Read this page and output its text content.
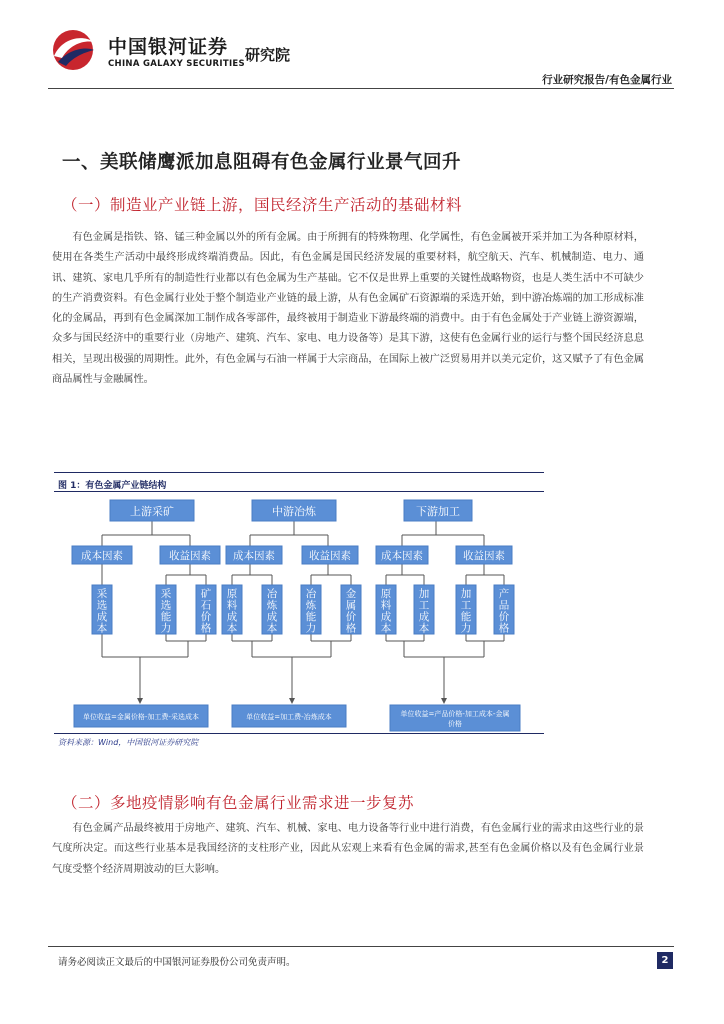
中国银河证券
CHINA GALAXY SECURITIES 研究院
行业研究报告/有色金属行业
一、美联储鹰派加息阻碍有色金属行业景气回升
（一）制造业产业链上游，国民经济生产活动的基础材料
有色金属是指铁、铬、锰三种金属以外的所有金属。由于所拥有的特殊物理、化学属性，有色金属被开采并加工为各种原材料，使用在各类生产活动中最终形成终端消费品。因此，有色金属是国民经济发展的重要材料，航空航天、汽车、机械制造、电力、通讯、建筑、家电几乎所有的制造性行业都以有色金属为生产基础。它不仅是世界上重要的关键性战略物资，也是人类生活中不可缺少的生产消费资料。有色金属行业处于整个制造业产业链的最上游，从有色金属矿石资源端的采选开始，到中游冶炼端的加工形成标准化的金属品，再到有色金属深加工制作成各零部件，最终被用于制造业下游最终端的消费中。由于有色金属处于产业链上游资源端，众多与国民经济中的重要行业（房地产、建筑、汽车、家电、电力设备等）是其下游，这使有色金属行业的运行与整个国民经济息息相关，呈现出极强的周期性。此外，有色金属与石油一样属于大宗商品，在国际上被广泛贸易用并以美元定价，这又赋予了有色金属商品属性与金融属性。
图 1：有色金属产业链结构
上游采矿	中游冶炼	下游加工
成本因素	收益因素 成本因素	收益因素	成本因素	收益因素
采选成本
采选能力
矿石价格
原料成本
冶炼成本
冶炼能力
金属价格
原料成本
加工成本
加工能力
产品价格
单位收益=金属价格-加工费-采选成本	单位收益=加工费-冶炼成本	单位收益=产品价格-加工成本-金属
价格
资料来源：Wind，中国银河证券研究院
（二）多地疫情影响有色金属行业需求进一步复苏
有色金属产品最终被用于房地产、建筑、汽车、机械、家电、电力设备等行业中进行消费，有色金属行业的需求由这些行业的景气度所决定。而这些行业基本是我国经济的支柱形产业，因此从宏观上来看有色金属的需求,甚至有色金属价格以及有色金属行业景气度受整个经济周期波动的巨大影响。
请务必阅读正文最后的中国银河证券股份公司免责声明。	2
